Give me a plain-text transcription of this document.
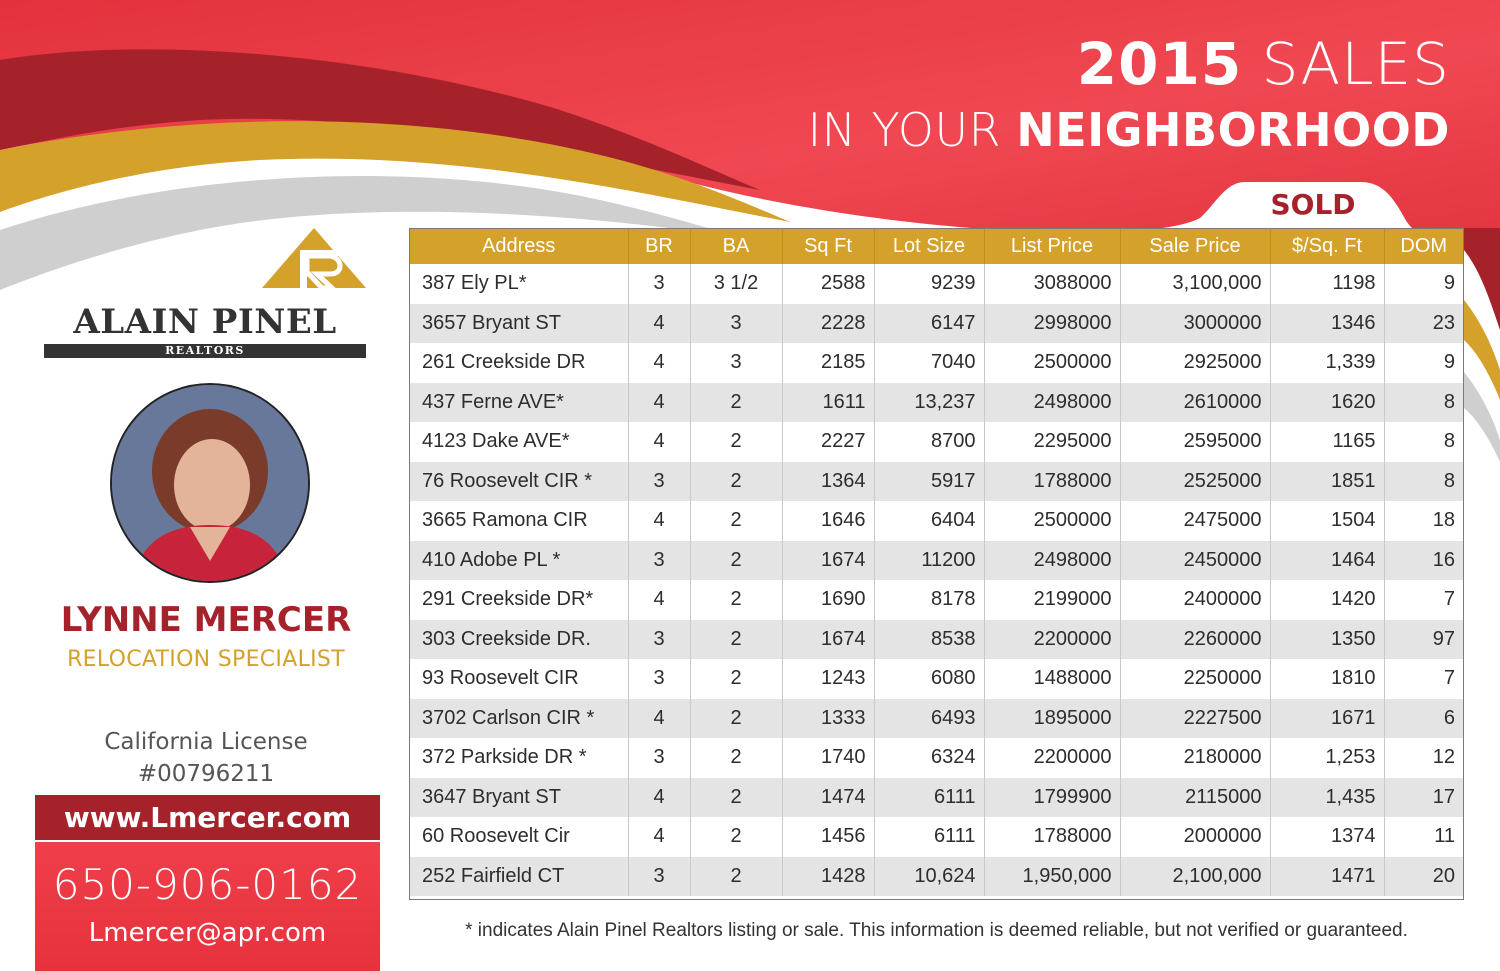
2015 SALES
IN YOUR NEIGHBORHOOD
SOLD
ALAIN PINEL
REALTORS
LYNNE MERCER
RELOCATION SPECIALIST
California License
#00796211
www.Lmercer.com
650-906-0162
Lmercer@apr.com
Address	BR	BA	Sq Ft	Lot Size	List Price	Sale Price	$/Sq. Ft	DOM
387 Ely PL*	3	3 1/2	2588	9239	3088000	3,100,000	1198	9
3657 Bryant ST	4	3	2228	6147	2998000	3000000	1346	23
261 Creekside DR	4	3	2185	7040	2500000	2925000	1,339	9
437 Ferne AVE*	4	2	1611	13,237	2498000	2610000	1620	8
4123 Dake AVE*	4	2	2227	8700	2295000	2595000	1165	8
76 Roosevelt CIR *	3	2	1364	5917	1788000	2525000	1851	8
3665 Ramona CIR	4	2	1646	6404	2500000	2475000	1504	18
410 Adobe PL *	3	2	1674	11200	2498000	2450000	1464	16
291 Creekside DR*	4	2	1690	8178	2199000	2400000	1420	7
303 Creekside DR.	3	2	1674	8538	2200000	2260000	1350	97
93 Roosevelt CIR	3	2	1243	6080	1488000	2250000	1810	7
3702 Carlson CIR *	4	2	1333	6493	1895000	2227500	1671	6
372 Parkside DR *	3	2	1740	6324	2200000	2180000	1,253	12
3647 Bryant ST	4	2	1474	6111	1799900	2115000	1,435	17
60 Roosevelt Cir	4	2	1456	6111	1788000	2000000	1374	11
252 Fairfield CT	3	2	1428	10,624	1,950,000	2,100,000	1471	20
* indicates Alain Pinel Realtors listing or sale. This information is deemed reliable, but not verified or guaranteed.
